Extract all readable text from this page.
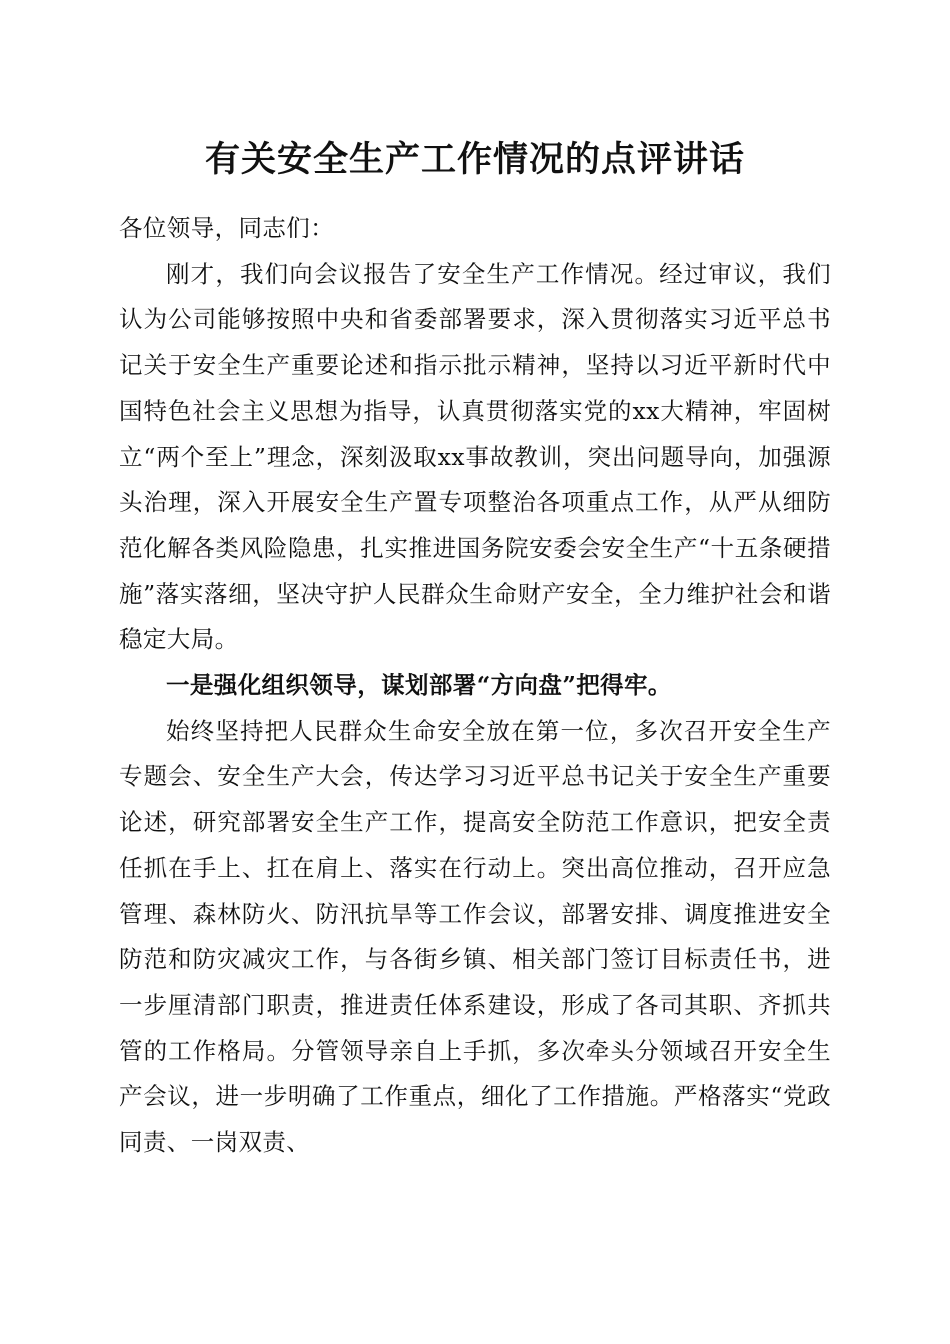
有关安全生产工作情况的点评讲话

各位领导，同志们：

刚才，我们向会议报告了安全生产工作情况。经过审议，我们认为公司能够按照中央和省委部署要求，深入贯彻落实习近平总书记关于安全生产重要论述和指示批示精神，坚持以习近平新时代中国特色社会主义思想为指导，认真贯彻落实党的xx大精神，牢固树立“两个至上”理念，深刻汲取xx事故教训，突出问题导向，加强源头治理，深入开展安全生产置专项整治各项重点工作，从严从细防范化解各类风险隐患，扎实推进国务院安委会安全生产“十五条硬措施”落实落细，坚决守护人民群众生命财产安全，全力维护社会和谐稳定大局。

一是强化组织领导，谋划部署“方向盘”把得牢。

始终坚持把人民群众生命安全放在第一位，多次召开安全生产专题会、安全生产大会，传达学习习近平总书记关于安全生产重要论述，研究部署安全生产工作，提高安全防范工作意识，把安全责任抓在手上、扛在肩上、落实在行动上。突出高位推动，召开应急管理、森林防火、防汛抗旱等工作会议，部署安排、调度推进安全防范和防灾减灾工作，与各街乡镇、相关部门签订目标责任书，进一步厘清部门职责，推进责任体系建设，形成了各司其职、齐抓共管的工作格局。分管领导亲自上手抓，多次牵头分领域召开安全生产会议，进一步明确了工作重点，细化了工作措施。严格落实“党政同责、一岗双责、
